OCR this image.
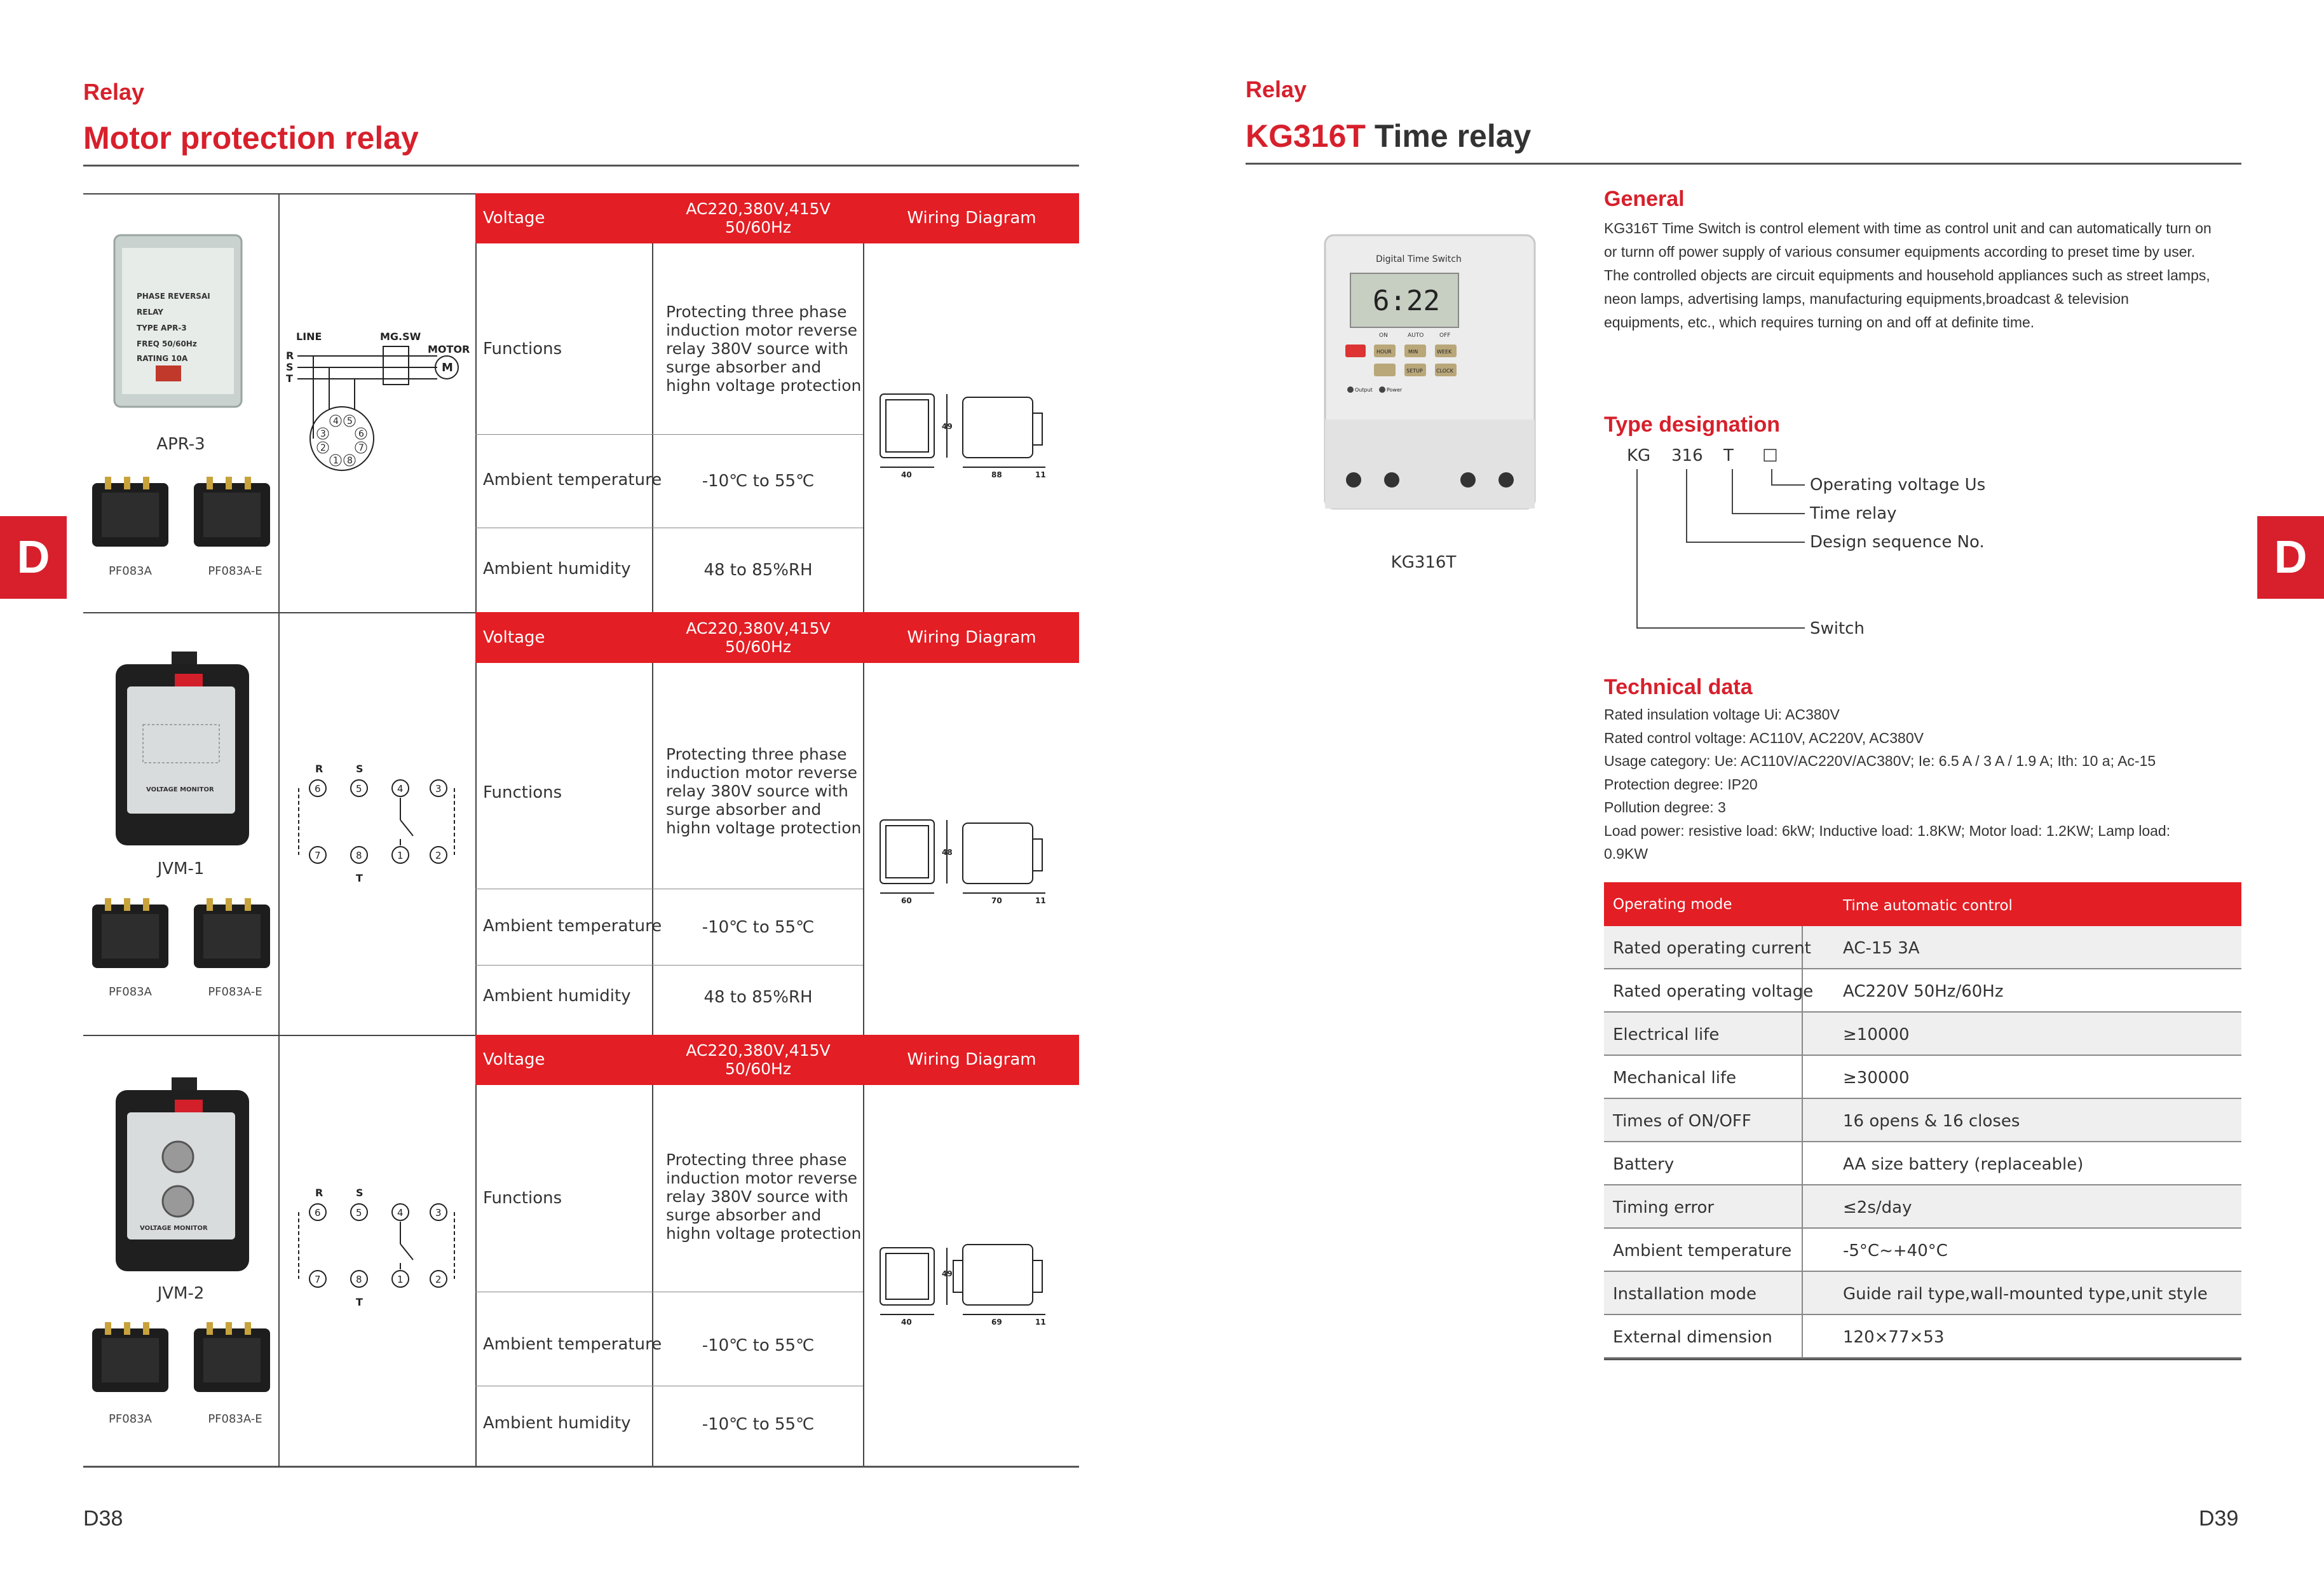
Relay
Motor protection relay
D
PHASE REVERSAI
RELAY
TYPE APR-3
FREQ 50/60Hz
RATING 10A
APR-3
PF083A	PF083A-E
LINE	MG.SW
MOTOR
R
S
T
M
4 5
3	6
2	7
1 8
Voltage	AC220,380V,415V 50/60Hz	Wiring Diagram
Functions
Protecting three phase induction motor reverse relay 380V source with surge absorber and highn voltage protection
Ambient temperature	-10℃ to 55℃
Ambient humidity	48 to 85%RH
40	88	11
49
VOLTAGE MONITOR
JVM-1
PF083A	PF083A-E
R	S
T
6	5	4	3
7	8	1	2
Voltage	AC220,380V,415V 50/60Hz	Wiring Diagram
Functions
Protecting three phase induction motor reverse relay 380V source with surge absorber and highn voltage protection
Ambient temperature	-10℃ to 55℃
Ambient humidity	48 to 85%RH
60	70	11
48
VOLTAGE MONITOR
JVM-2
PF083A	PF083A-E
R	S
T
6	5	4	3
7	8	1	2
Voltage	AC220,380V,415V 50/60Hz	Wiring Diagram
Functions
Protecting three phase induction motor reverse relay 380V source with surge absorber and highn voltage protection
Ambient temperature	-10℃ to 55℃
Ambient humidity	-10℃ to 55℃
40	69	11
49
D38
Relay
KG316T Time relay
D
Digital Time Switch
6:22
ON	AUTO	OFF
HOUR	MIN	WEEK
SETUP	CLOCK
Output	Power
KG316T
General
KG316T Time Switch is control element with time as control unit and can automatically turn on
or turnn off power supply of various consumer equipments according to preset time by user.
The controlled objects are circuit equipments and household appliances such as street lamps,
neon lamps, advertising lamps, manufacturing equipments,broadcast & television
equipments, etc., which requires turning on and off at definite time.
Type designation
KG 316 T □
Operating voltage Us
Time relay
Design sequence No.
Switch
Technical data
Rated insulation voltage Ui: AC380V
Rated control voltage: AC110V, AC220V, AC380V
Usage category: Ue: AC110V/AC220V/AC380V; Ie: 6.5 A / 3 A / 1.9 A; Ith: 10 a; Ac-15
Protection degree: IP20
Pollution degree: 3
Load power: resistive load: 6kW; Inductive load: 1.8KW; Motor load: 1.2KW; Lamp load:
0.9KW
Operating mode	Time automatic control
Rated operating current AC-15 3A
Rated operating voltage AC220V 50Hz/60Hz
Electrical life	≥10000
Mechanical life	≥30000
Times of ON/OFF	16 opens & 16 closes
Battery	AA size battery (replaceable)
Timing error	≤2s/day
Ambient temperature	-5°C~+40°C
Installation mode	Guide rail type,wall-mounted type,unit style
External dimension	120×77×53
D39
